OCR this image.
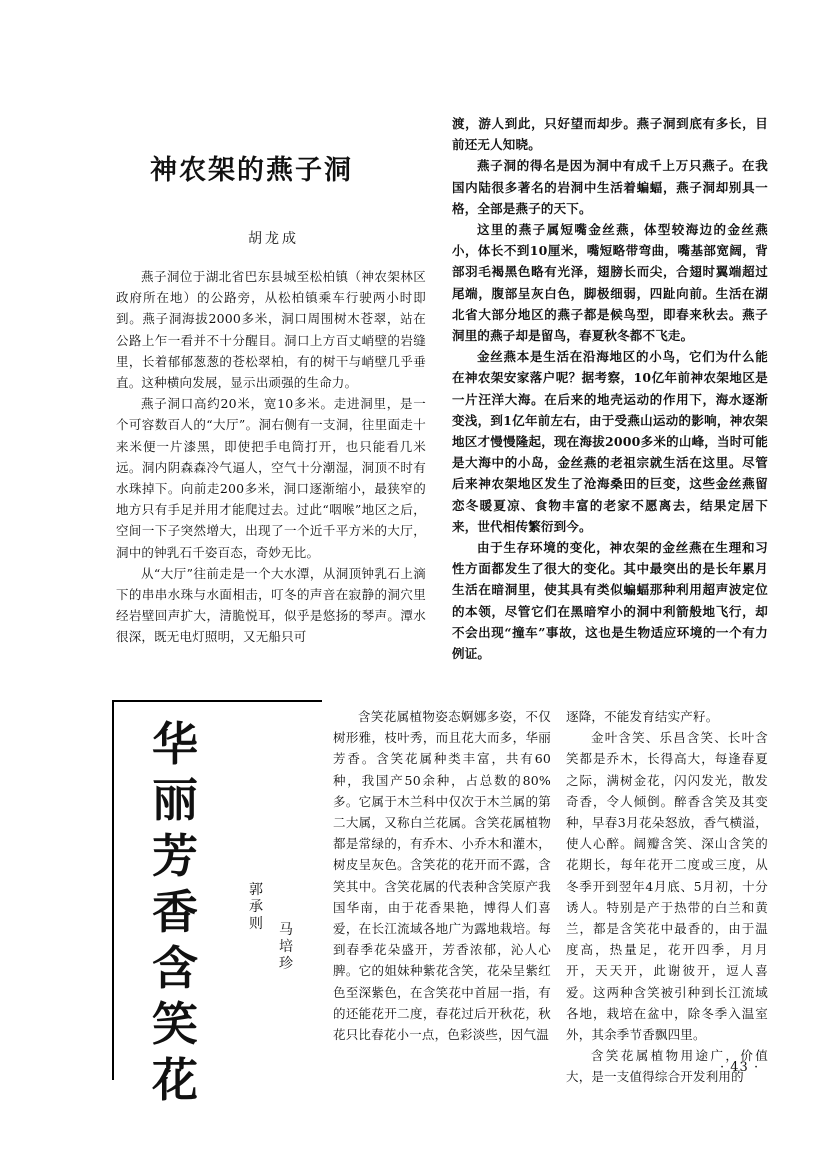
神农架的燕子洞
胡龙成

燕子洞位于湖北省巴东县城至松柏镇（神农架林区政府所在地）的公路旁，从松柏镇乘车行驶两小时即到。燕子洞海拔2000多米，洞口周围树木苍翠，站在公路上乍一看并不十分醒目。洞口上方百丈峭壁的岩缝里，长着郁郁葱葱的苍松翠柏，有的树干与峭壁几乎垂直。这种横向发展，显示出顽强的生命力。

燕子洞口高约20米，宽10多米。走进洞里，是一个可容数百人的“大厅”。洞右侧有一支洞，往里面走十来米便一片漆黑，即使把手电筒打开，也只能看几米远。洞内阴森森冷气逼人，空气十分潮湿，洞顶不时有水珠掉下。向前走200多米，洞口逐渐缩小，最狭窄的地方只有手足并用才能爬过去。过此“咽喉”地区之后，空间一下子突然增大，出现了一个近千平方米的大厅，洞中的钟乳石千姿百态，奇妙无比。

从“大厅”往前走是一个大水潭，从洞顶钟乳石上滴下的串串水珠与水面相击，叮冬的声音在寂静的洞穴里经岩壁回声扩大，清脆悦耳，似乎是悠扬的琴声。潭水很深，既无电灯照明，又无船只可

渡，游人到此，只好望而却步。燕子洞到底有多长，目前还无人知晓。

燕子洞的得名是因为洞中有成千上万只燕子。在我国内陆很多著名的岩洞中生活着蝙蝠，燕子洞却别具一格，全部是燕子的天下。

这里的燕子属短嘴金丝燕，体型较海边的金丝燕小，体长不到10厘米，嘴短略带弯曲，嘴基部宽阔，背部羽毛褐黑色略有光泽，翅膀长而尖，合翅时翼端超过尾端，腹部呈灰白色，脚极细弱，四趾向前。生活在湖北省大部分地区的燕子都是候鸟型，即春来秋去。燕子洞里的燕子却是留鸟，春夏秋冬都不飞走。

金丝燕本是生活在沿海地区的小鸟，它们为什么能在神农架安家落户呢？据考察，10亿年前神农架地区是一片汪洋大海。在后来的地壳运动的作用下，海水逐渐变浅，到1亿年前左右，由于受燕山运动的影响，神农架地区才慢慢隆起，现在海拔2000多米的山峰，当时可能是大海中的小岛，金丝燕的老祖宗就生活在这里。尽管后来神农架地区发生了沧海桑田的巨变，这些金丝燕留恋冬暖夏凉、食物丰富的老家不愿离去，结果定居下来，世代相传繁衍到今。

由于生存环境的变化，神农架的金丝燕在生理和习性方面都发生了很大的变化。其中最突出的是长年累月生活在暗洞里，使其具有类似蝙蝠那种利用超声波定位的本领，尽管它们在黑暗窄小的洞中利箭般地飞行，却不会出现“撞车”事故，这也是生物适应环境的一个有力例证。

华丽芳香含笑花
郭承则 马培珍

含笑花属植物姿态婀娜多姿，不仅树形雅，枝叶秀，而且花大而多，华丽芳香。含笑花属种类丰富，共有60种，我国产50余种，占总数的80%多。它属于木兰科中仅次于木兰属的第二大属，又称白兰花属。含笑花属植物都是常绿的，有乔木、小乔木和灌木，树皮呈灰色。含笑花的花开而不露，含笑其中。含笑花属的代表种含笑原产我国华南，由于花香果艳，博得人们喜爱，在长江流域各地广为露地栽培。每到春季花朵盛开，芳香浓郁，沁人心脾。它的姐妹种紫花含笑，花朵呈紫红色至深紫色，在含笑花中首屈一指，有的还能花开二度，春花过后开秋花，秋花只比春花小一点，色彩淡些，因气温

逐降，不能发育结实产籽。

金叶含笑、乐昌含笑、长叶含笑都是乔木，长得高大，每逢春夏之际，满树金花，闪闪发光，散发奇香，令人倾倒。醉香含笑及其变种，早春3月花朵怒放，香气横溢，使人心醉。阔瓣含笑、深山含笑的花期长，每年花开二度或三度，从冬季开到翌年4月底、5月初，十分诱人。特别是产于热带的白兰和黄兰，都是含笑花中最香的，由于温度高，热量足，花开四季，月月开，天天开，此谢彼开，逗人喜爱。这两种含笑被引种到长江流域各地，栽培在盆中，除冬季入温室外，其余季节香飘四里。

含笑花属植物用途广，价值大，是一支值得综合开发利用的

· 43 ·
